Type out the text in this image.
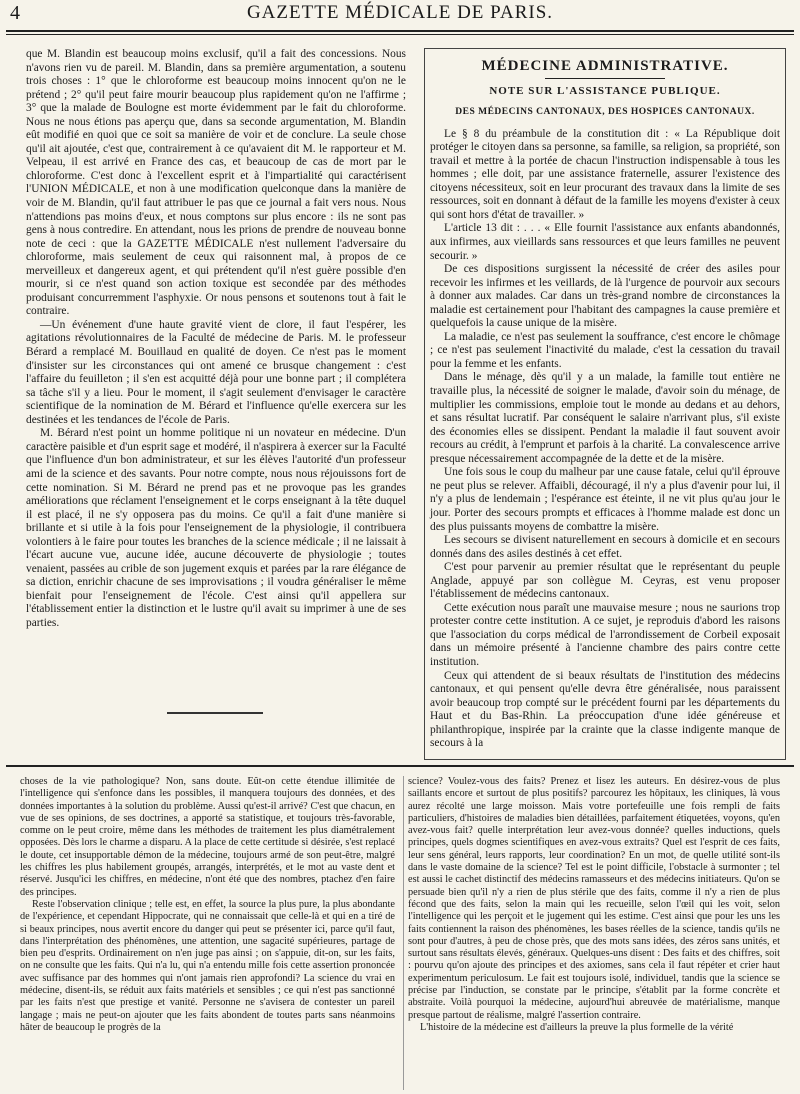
4	GAZETTE MÉDICALE DE PARIS.

que M. Blandin est beaucoup moins exclusif, qu'il a fait des concessions. Nous n'avons rien vu de pareil. M. Blandin, dans sa première argumentation, a soutenu trois choses : 1° que le chloroforme est beaucoup moins innocent qu'on ne le prétend ; 2° qu'il peut faire mourir beaucoup plus rapidement qu'on ne l'affirme ; 3° que la malade de Boulogne est morte évidemment par le fait du chloroforme. Nous ne nous étions pas aperçu que, dans sa seconde argumentation, M. Blandin eût modifié en quoi que ce soit sa manière de voir et de conclure. La seule chose qu'il ait ajoutée, c'est que, contrairement à ce qu'avaient dit M. le rapporteur et M. Velpeau, il est arrivé en France des cas, et beaucoup de cas de mort par le chloroforme. C'est donc à l'excellent esprit et à l'impartialité qui caractérisent l'UNION MÉDICALE, et non à une modification quelconque dans la manière de voir de M. Blandin, qu'il faut attribuer le pas que ce journal a fait vers nous. Nous n'attendions pas moins d'eux, et nous comptons sur plus encore : ils ne sont pas gens à nous contredire. En attendant, nous les prions de prendre de nouveau bonne note de ceci : que la GAZETTE MÉDICALE n'est nullement l'adversaire du chloroforme, mais seulement de ceux qui raisonnent mal, à propos de ce merveilleux et dangereux agent, et qui prétendent qu'il n'est guère possible d'en mourir, si ce n'est quand son action toxique est secondée par des méthodes produisant concurremment l'asphyxie. Or nous pensons et soutenons tout à fait le contraire.

—Un événement d'une haute gravité vient de clore, il faut l'espérer, les agitations révolutionnaires de la Faculté de médecine de Paris. M. le professeur Bérard a remplacé M. Bouillaud en qualité de doyen. Ce n'est pas le moment d'insister sur les circonstances qui ont amené ce brusque changement : c'est l'affaire du feuilleton ; il s'en est acquitté déjà pour une bonne part ; il complétera sa tâche s'il y a lieu. Pour le moment, il s'agit seulement d'envisager le caractère scientifique de la nomination de M. Bérard et l'influence qu'elle exercera sur les destinées et les tendances de l'école de Paris.

M. Bérard n'est point un homme politique ni un novateur en médecine. D'un caractère paisible et d'un esprit sage et modéré, il n'aspirera à exercer sur la Faculté que l'influence d'un bon administrateur, et sur les élèves l'autorité d'un professeur ami de la science et des savants. Pour notre compte, nous nous réjouissons fort de cette nomination. Si M. Bérard ne prend pas et ne provoque pas les grandes améliorations que réclament l'enseignement et le corps enseignant à la tête duquel il est placé, il ne s'y opposera pas du moins. Ce qu'il a fait d'une manière si brillante et si utile à la fois pour l'enseignement de la physiologie, il contribuera volontiers à le faire pour toutes les branches de la science médicale ; il ne laissait à l'écart aucune vue, aucune idée, aucune découverte de physiologie ; toutes venaient, passées au crible de son jugement exquis et parées par la rare élégance de sa diction, enrichir chacune de ses improvisations ; il voudra généraliser le même bienfait pour l'enseignement de l'école. C'est ainsi qu'il appellera sur l'établissement entier la distinction et le lustre qu'il avait su imprimer à une de ses parties.

MÉDECINE ADMINISTRATIVE.

NOTE SUR L'ASSISTANCE PUBLIQUE.

DES MÉDECINS CANTONAUX, DES HOSPICES CANTONAUX.

Le § 8 du préambule de la constitution dit : « La République doit protéger le citoyen dans sa personne, sa famille, sa religion, sa propriété, son travail et mettre à la portée de chacun l'instruction indispensable à tous les hommes ; elle doit, par une assistance fraternelle, assurer l'existence des citoyens nécessiteux, soit en leur procurant des travaux dans la limite de ses ressources, soit en donnant à défaut de la famille les moyens d'exister à ceux qui sont hors d'état de travailler. »

L'article 13 dit : . . . « Elle fournit l'assistance aux enfants abandonnés, aux infirmes, aux vieillards sans ressources et que leurs familles ne peuvent secourir. »

De ces dispositions surgissent la nécessité de créer des asiles pour recevoir les infirmes et les veillards, de là l'urgence de pourvoir aux secours à donner aux malades. Car dans un très-grand nombre de circonstances la maladie est certainement pour l'habitant des campagnes la cause première et quelquefois la cause unique de la misère.

La maladie, ce n'est pas seulement la souffrance, c'est encore le chômage ; ce n'est pas seulement l'inactivité du malade, c'est la cessation du travail pour la femme et les enfants.

Dans le ménage, dès qu'il y a un malade, la famille tout entière ne travaille plus, la nécessité de soigner le malade, d'avoir soin du ménage, de multiplier les commissions, emploie tout le monde au dedans et au dehors, et sans résultat lucratif. Par conséquent le salaire n'arrivant plus, s'il existe des économies elles se dissipent. Pendant la maladie il faut souvent avoir recours au crédit, à l'emprunt et parfois à la charité. La convalescence arrive presque nécessairement accompagnée de la dette et de la misère.

Une fois sous le coup du malheur par une cause fatale, celui qu'il éprouve ne peut plus se relever. Affaibli, découragé, il n'y a plus d'avenir pour lui, il n'y a plus de lendemain ; l'espérance est éteinte, il ne vit plus qu'au jour le jour. Porter des secours prompts et efficaces à l'homme malade est donc un des plus puissants moyens de combattre la misère.

Les secours se divisent naturellement en secours à domicile et en secours donnés dans des asiles destinés à cet effet.

C'est pour parvenir au premier résultat que le représentant du peuple Anglade, appuyé par son collègue M. Ceyras, est venu proposer l'établissement de médecins cantonaux.

Cette exécution nous paraît une mauvaise mesure ; nous ne saurions trop protester contre cette institution. A ce sujet, je reproduis d'abord les raisons que l'association du corps médical de l'arrondissement de Corbeil exposait dans un mémoire présenté à l'ancienne chambre des pairs contre cette institution.

Ceux qui attendent de si beaux résultats de l'institution des médecins cantonaux, et qui pensent qu'elle devra être généralisée, nous paraissent avoir beaucoup trop compté sur le précédent fourni par les départements du Haut et du Bas-Rhin. La préoccupation d'une idée généreuse et philanthropique, inspirée par la crainte que la classe indigente manque de secours à la

choses de la vie pathologique? Non, sans doute. Eût-on cette étendue illimitée de l'intelligence qui s'enfonce dans les possibles, il manquera toujours des données, et des données importantes à la solution du problème. Aussi qu'est-il arrivé? C'est que chacun, en vue de ses opinions, de ses doctrines, a apporté sa statistique, et toujours très-favorable, comme on le peut croire, même dans les méthodes de traitement les plus diamétralement opposées. Dès lors le charme a disparu. A la place de cette certitude si désirée, s'est replacé le doute, cet insupportable démon de la médecine, toujours armé de son peut-être, malgré les chiffres les plus habilement groupés, arrangés, interprétés, et le mot au vaste dent et réservé. Jusqu'ici les chiffres, en médecine, n'ont été que des nombres, ptachez d'en faire des principes.

Reste l'observation clinique ; telle est, en effet, la source la plus pure, la plus abondante de l'expérience, et cependant Hippocrate, qui ne connaissait que celle-là et qui en a tiré de si beaux principes, nous avertit encore du danger qui peut se présenter ici, parce qu'il faut, dans l'interprétation des phénomènes, une attention, une sagacité supérieures, partage de bien peu d'esprits. Ordinairement on n'en juge pas ainsi ; on s'appuie, dit-on, sur les faits, on ne consulte que les faits. Qui n'a lu, qui n'a entendu mille fois cette assertion prononcée avec suffisance par des hommes qui n'ont jamais rien approfondi? La science du vrai en médecine, disent-ils, se réduit aux faits matériels et sensibles ; ce qui n'est pas sanctionné par les faits n'est que prestige et vanité. Personne ne s'avisera de contester un pareil langage ; mais ne peut-on ajouter que les faits abondent de toutes parts sans néanmoins hâter de beaucoup le progrès de la

science? Voulez-vous des faits? Prenez et lisez les auteurs. En désirez-vous de plus saillants encore et surtout de plus positifs? parcourez les hôpitaux, les cliniques, là vous aurez récolté une large moisson. Mais votre portefeuille une fois rempli de faits particuliers, d'histoires de maladies bien détaillées, parfaitement étiquetées, voyons, qu'en avez-vous fait? quelle interprétation leur avez-vous donnée? quelles inductions, quels principes, quels dogmes scientifiques en avez-vous extraits? Quel est l'esprit de ces faits, leur sens général, leurs rapports, leur coordination? En un mot, de quelle utilité sont-ils dans le vaste domaine de la science? Tel est le point difficile, l'obstacle à surmonter ; tel est aussi le cachet distinctif des médecins ramasseurs et des médecins initiateurs. Qu'on se persuade bien qu'il n'y a rien de plus stérile que des faits, comme il n'y a rien de plus fécond que des faits, selon la main qui les recueille, selon l'œil qui les voit, selon l'intelligence qui les perçoit et le jugement qui les estime. C'est ainsi que pour les uns les faits contiennent la raison des phénomènes, les bases réelles de la science, tandis qu'ils ne sont pour d'autres, à peu de chose près, que des mots sans idées, des zéros sans unités, et surtout sans résultats élevés, généraux. Quelques-uns disent : Des faits et des chiffres, soit : pourvu qu'on ajoute des principes et des axiomes, sans cela il faut répéter et crier haut experimentum periculosum. Le fait est toujours isolé, individuel, tandis que la science se précise par l'induction, se constate par le principe, s'établit par la forme concrète et abstraite. Voilà pourquoi la médecine, aujourd'hui abreuvée de matérialisme, manque presque partout de réalisme, malgré l'assertion contraire.

L'histoire de la médecine est d'ailleurs la preuve la plus formelle de la vérité
